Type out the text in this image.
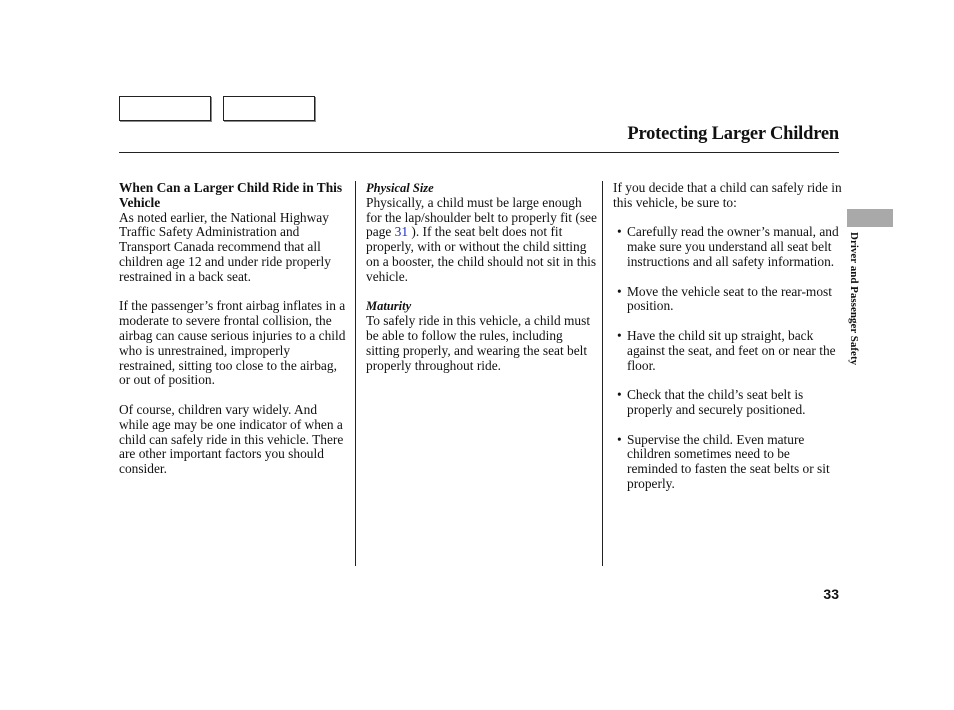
Protecting Larger Children

When Can a Larger Child Ride in This Vehicle

As noted earlier, the National Highway Traffic Safety Administration and Transport Canada recommend that all children age 12 and under ride properly restrained in a back seat.

If the passenger’s front airbag inflates in a moderate to severe frontal collision, the airbag can cause serious injuries to a child who is unrestrained, improperly restrained, sitting too close to the airbag, or out of position.

Of course, children vary widely. And while age may be one indicator of when a child can safely ride in this vehicle. There are other important factors you should consider.

Physical Size

Physically, a child must be large enough for the lap/shoulder belt to properly fit (see page 31 ). If the seat belt does not fit properly, with or without the child sitting on a booster, the child should not sit in this vehicle.

Maturity

To safely ride in this vehicle, a child must be able to follow the rules, including sitting properly, and wearing the seat belt properly throughout ride.

If you decide that a child can safely ride in this vehicle, be sure to:

• Carefully read the owner’s manual, and make sure you understand all seat belt instructions and all safety information.
• Move the vehicle seat to the rear-most position.
• Have the child sit up straight, back against the seat, and feet on or near the floor.
• Check that the child’s seat belt is properly and securely positioned.
• Supervise the child. Even mature children sometimes need to be reminded to fasten the seat belts or sit properly.
Driver and Passenger Safety
33
